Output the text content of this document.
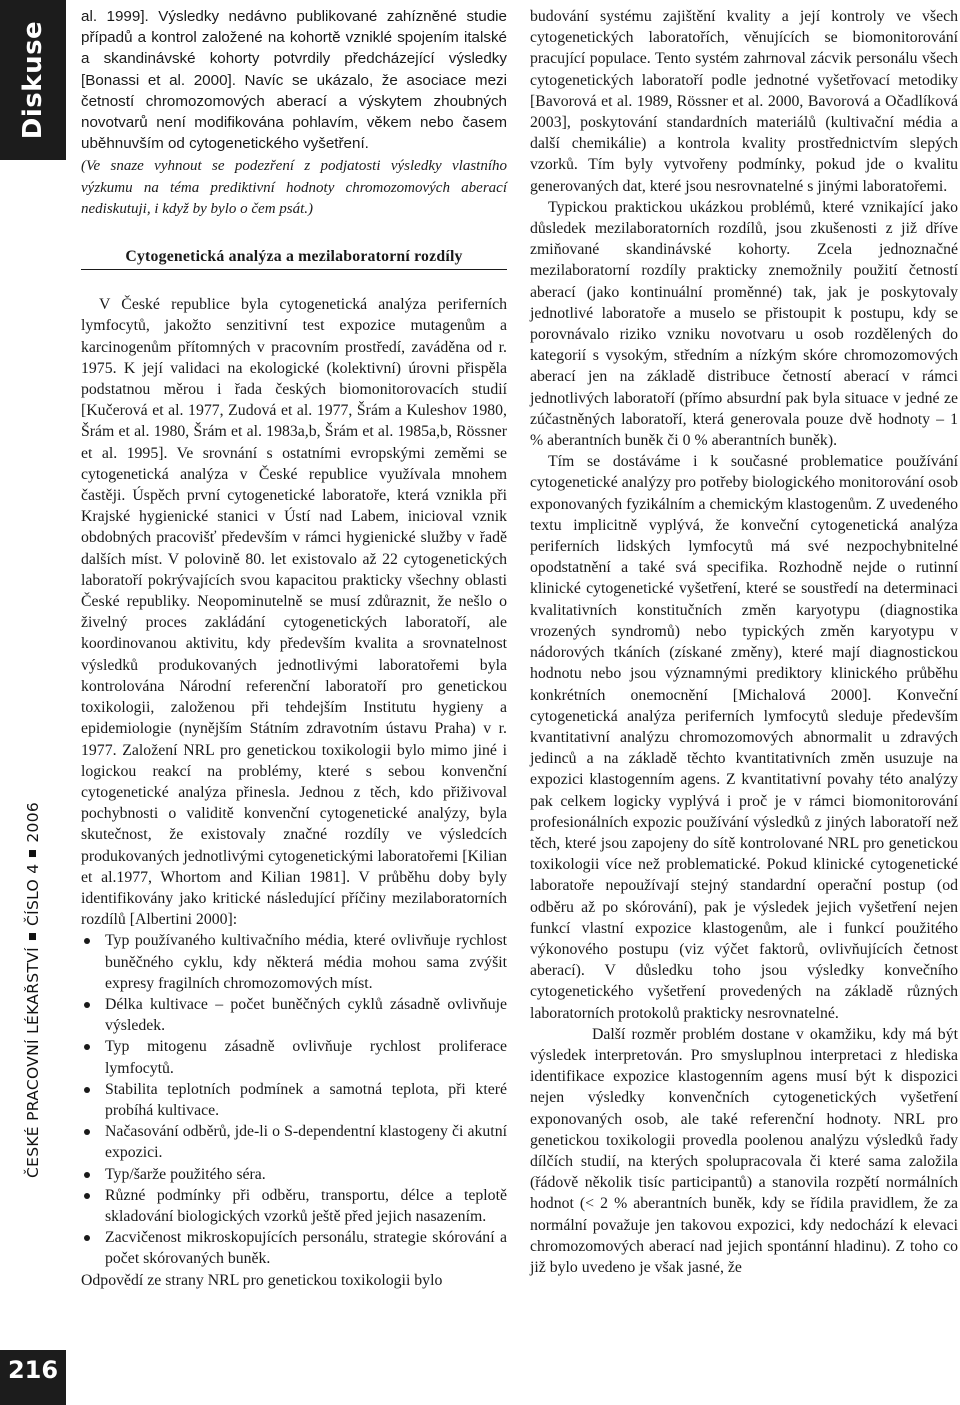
Diskuse
ČESKÉ PRACOVNÍ LÉKAŘSTVÍČÍSLO 42006
216

al. 1999]. Výsledky nedávno publikované zahízněné studie případů a kontrol založené na kohortě vzniklé spojením italské a skandinávské kohorty potvrdily předcházející výsledky [Bonassi et al. 2000]. Navíc se ukázalo, že asociace mezi četností chromozomových aberací a výskytem zhoubných novotvarů není modifikována pohlavím, věkem nebo časem uběhnuvším od cytogenetického vyšetření.

(Ve snaze vyhnout se podezření z podjatosti výsledky vlastního výzkumu na téma prediktivní hodnoty chromozomových aberací nediskutuji, i když by bylo o čem psát.)

Cytogenetická analýza a mezilaboratorní rozdíly

V České republice byla cytogenetická analýza periferních lymfocytů, jakožto senzitivní test expozice mutagenům a karcinogenům přítomných v pracovním prostředí, zaváděna od r. 1975. K její validaci na ekologické (kolektivní) úrovni přispěla podstatnou měrou i řada českých biomonitorovacích studií [Kučerová et al. 1977, Zudová et al. 1977, Šrám a Kuleshov 1980, Šrám et al. 1980, Šrám et al. 1983a,b, Šrám et al. 1985a,b, Rössner et al. 1995]. Ve srovnání s ostatními evropskými zeměmi se cytogenetická analýza v České republice využívala mnohem častěji. Úspěch první cytogenetické laboratoře, která vznikla při Krajské hygienické stanici v Ústí nad Labem, inicioval vznik obdobných pracovišť především v rámci hygienické služby v řadě dalších míst. V polovině 80. let existovalo až 22 cytogenetických laboratoří pokrývajících svou kapacitou prakticky všechny oblasti České republiky. Neopominutelně se musí zdůraznit, že nešlo o živelný proces zakládání cytogenetických laboratoří, ale koordinovanou aktivitu, kdy především kvalita a srovnatelnost výsledků produkovaných jednotlivými laboratořemi byla kontrolována Národní referenční laboratoří pro genetickou toxikologii, založenou při tehdejším Institutu hygieny a epidemiologie (nynějším Státním zdravotním ústavu Praha) v r. 1977. Založení NRL pro genetickou toxikologii bylo mimo jiné i logickou reakcí na problémy, které s sebou konvenční cytogenetické analýza přinesla. Jednou z těch, kdo přiživoval pochybnosti o validitě konvenční cytogenetické analýzy, byla skutečnost, že existovaly značné rozdíly ve výsledcích produkovaných jednotlivými cytogenetickými laboratořemi [Kilian et al.1977, Whortom and Kilian 1981]. V průběhu doby byly identifikovány jako kritické následující příčiny mezilaboratorních rozdílů [Albertini 2000]:

Typ používaného kultivačního média, které ovlivňuje rychlost buněčného cyklu, kdy některá média mohou sama zvýšit expresy fragilních chromozomových míst.
Délka kultivace – počet buněčných cyklů zásadně ovlivňuje výsledek.
Typ mitogenu zásadně ovlivňuje rychlost proliferace lymfocytů.
Stabilita teplotních podmínek a samotná teplota, při které probíhá kultivace.
Načasování odběrů, jde-li o S-dependentní klastogeny či akutní expozici.
Typ/šarže použitého séra.
Různé podmínky při odběru, transportu, délce a teplotě skladování biologických vzorků ještě před jejich nasazením.
Zacvičenost mikroskopujících personálu, strategie skórování a počet skórovaných buněk.

Odpovědí ze strany NRL pro genetickou toxikologii bylo

budování systému zajištění kvality a její kontroly ve všech cytogenetických laboratořích, věnujících se biomonitorování pracující populace. Tento systém zahrnoval zácvik personálu všech cytogenetických laboratoří podle jednotné vyšetřovací metodiky [Bavorová et al. 1989, Rössner et al. 2000, Bavorová a Očadlíková 2003], poskytování standardních materiálů (kultivační média a další chemikálie) a kontrola kvality prostřednictvím slepých vzorků. Tím byly vytvořeny podmínky, pokud jde o kvalitu generovaných dat, které jsou nesrovnatelné s jinými laboratořemi.

Typickou praktickou ukázkou problémů, které vznikající jako důsledek mezilaboratorních rozdílů, jsou zkušenosti z již dříve zmiňované skandinávské kohorty. Zcela jednoznačné mezilaboratorní rozdíly prakticky znemožnily použití četností aberací (jako kontinuální proměnné) tak, jak je poskytovaly jednotlivé laboratoře a muselo se přistoupit k postupu, kdy se porovnávalo riziko vzniku novotvaru u osob rozdělených do kategorií s vysokým, středním a nízkým skóre chromozomových aberací jen na základě distribuce četností aberací v rámci jednotlivých laboratoří (přímo absurdní pak byla situace v jedné ze zúčastněných laboratoří, která generovala pouze dvě hodnoty – 1 % aberantních buněk či 0 % aberantních buněk).

Tím se dostáváme i k současné problematice používání cytogenetické analýzy pro potřeby biologického monitorování osob exponovaných fyzikálním a chemickým klastogenům. Z uvedeného textu implicitně vyplývá, že konveční cytogenetická analýza periferních lidských lymfocytů má své nezpochybnitelné opodstatnění a také svá specifika. Rozhodně nejde o rutinní klinické cytogenetické vyšetření, které se soustředí na determinaci kvalitativních konstitučních změn karyotypu (diagnostika vrozených syndromů) nebo typických změn karyotypu v nádorových tkáních (získané změny), které mají diagnostickou hodnotu nebo jsou významnými prediktory klinického průběhu konkrétních onemocnění [Michalová 2000]. Konveční cytogenetická analýza periferních lymfocytů sleduje především kvantitativní analýzu chromozomových abnormalit u zdravých jedinců a na základě těchto kvantitativních změn usuzuje na expozici klastogenním agens. Z kvantitativní povahy této analýzy pak celkem logicky vyplývá i proč je v rámci biomonitorování profesionálních expozic používání výsledků z jiných laboratoří než těch, které jsou zapojeny do sítě kontrolované NRL pro genetickou toxikologii více než problematické. Pokud klinické cytogenetické laboratoře nepoužívají stejný standardní operační postup (od odběru až po skórování), pak je výsledek jejich vyšetření nejen funkcí vlastní expozice klastogenům, ale i funkcí použitého výkonového postupu (viz výčet faktorů, ovlivňujících četnost aberací). V důsledku toho jsou výsledky konvečního cytogenetického vyšetření provedených na základě různých laboratorních protokolů prakticky nesrovnatelné.

Další rozměr problém dostane v okamžiku, kdy má být výsledek interpretován. Pro smysluplnou interpretaci z hlediska identifikace expozice klastogenním agens musí být k dispozici nejen výsledky konvenčních cytogenetických vyšetření exponovaných osob, ale také referenční hodnoty. NRL pro genetickou toxikologii provedla poolenou analýzu výsledků řady dílčích studií, na kterých spolupracovala či které sama založila (řádově několik tisíc participantů) a stanovila rozpětí normálních hodnot (< 2 % aberantních buněk, kdy se řídila pravidlem, že za normální považuje jen takovou expozici, kdy nedochází k elevaci chromozomových aberací nad jejich spontánní hladinu). Z toho co již bylo uvedeno je však jasné, že
